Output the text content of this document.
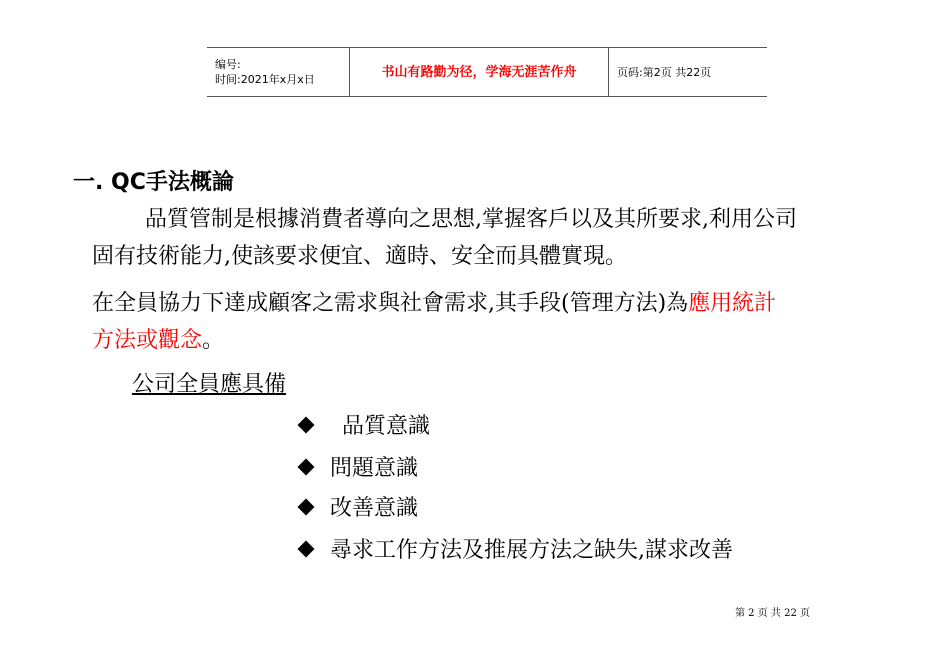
编号:
时间:2021年x月x日	书山有路勤为径，学海无涯苦作舟	页码:第2页 共22页
一. QC手法概論
品質管制是根據消費者導向之思想,掌握客戶以及其所要求,利用公司
固有技術能力,使該要求便宜、適時、安全而具體實現。
在全員協力下達成顧客之需求與社會需求,其手段(管理方法)為應用統計
方法或觀念。
公司全員應具備
品質意識
問題意識
改善意識
尋求工作方法及推展方法之缺失,謀求改善
第 2 页 共 22 页
